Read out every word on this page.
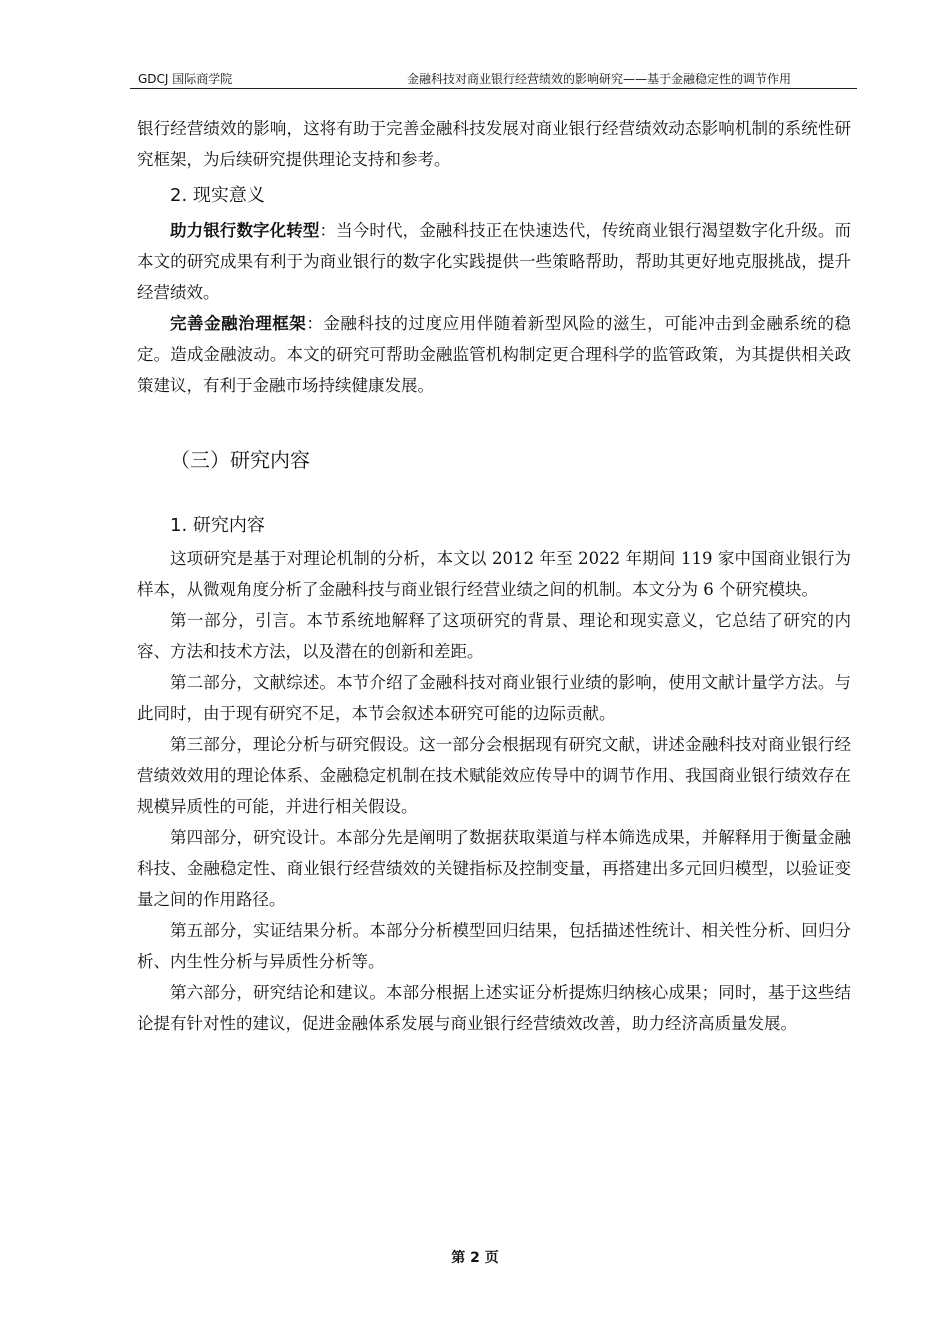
GDCJ 国际商学院	金融科技对商业银行经营绩效的影响研究——基于金融稳定性的调节作用

银行经营绩效的影响，这将有助于完善金融科技发展对商业银行经营绩效动态影响机制的系统性研究框架，为后续研究提供理论支持和参考。

2. 现实意义

助力银行数字化转型：当今时代，金融科技正在快速迭代，传统商业银行渴望数字化升级。而本文的研究成果有利于为商业银行的数字化实践提供一些策略帮助，帮助其更好地克服挑战，提升经营绩效。

完善金融治理框架：金融科技的过度应用伴随着新型风险的滋生，可能冲击到金融系统的稳定。造成金融波动。本文的研究可帮助金融监管机构制定更合理科学的监管政策，为其提供相关政策建议，有利于金融市场持续健康发展。

（三）研究内容
1. 研究内容

这项研究是基于对理论机制的分析，本文以 2012 年至 2022 年期间 119 家中国商业银行为样本，从微观角度分析了金融科技与商业银行经营业绩之间的机制。本文分为 6 个研究模块。

第一部分，引言。本节系统地解释了这项研究的背景、理论和现实意义，它总结了研究的内容、方法和技术方法，以及潜在的创新和差距。

第二部分，文献综述。本节介绍了金融科技对商业银行业绩的影响，使用文献计量学方法。与此同时，由于现有研究不足，本节会叙述本研究可能的边际贡献。

第三部分，理论分析与研究假设。这一部分会根据现有研究文献，讲述金融科技对商业银行经营绩效效用的理论体系、金融稳定机制在技术赋能效应传导中的调节作用、我国商业银行绩效存在规模异质性的可能，并进行相关假设。

第四部分，研究设计。本部分先是阐明了数据获取渠道与样本筛选成果，并解释用于衡量金融科技、金融稳定性、商业银行经营绩效的关键指标及控制变量，再搭建出多元回归模型，以验证变量之间的作用路径。

第五部分，实证结果分析。本部分分析模型回归结果，包括描述性统计、相关性分析、回归分析、内生性分析与异质性分析等。

第六部分，研究结论和建议。本部分根据上述实证分析提炼归纳核心成果；同时，基于这些结论提有针对性的建议，促进金融体系发展与商业银行经营绩效改善，助力经济高质量发展。

第 2 页
